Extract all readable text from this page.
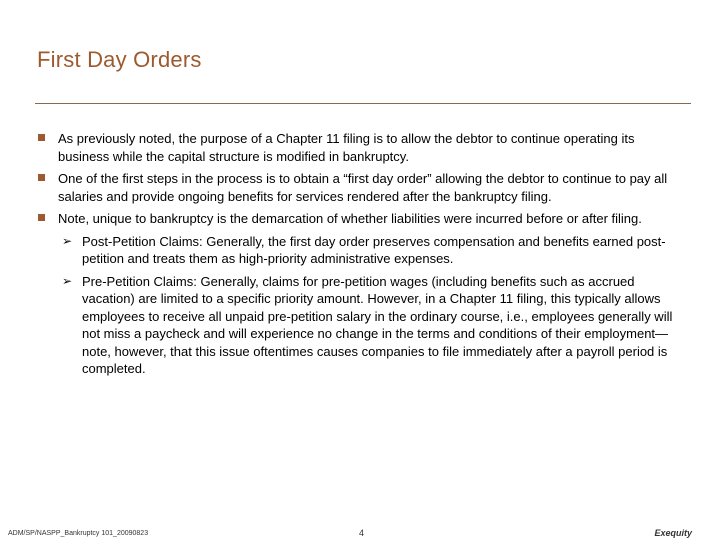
First Day Orders
As previously noted, the purpose of a Chapter 11 filing is to allow the debtor to continue operating its business while the capital structure is modified in bankruptcy.
One of the first steps in the process is to obtain a “first day order” allowing the debtor to continue to pay all salaries and provide ongoing benefits for services rendered after the bankruptcy filing.
Note, unique to bankruptcy is the demarcation of whether liabilities were incurred before or after filing.
➢ Post-Petition Claims: Generally, the first day order preserves compensation and benefits earned post-petition and treats them as high-priority administrative expenses.
➢ Pre-Petition Claims: Generally, claims for pre-petition wages (including benefits such as accrued vacation) are limited to a specific priority amount. However, in a Chapter 11 filing, this typically allows employees to receive all unpaid pre-petition salary in the ordinary course, i.e., employees generally will not miss a paycheck and will experience no change in the terms and conditions of their employment—note, however, that this issue oftentimes causes companies to file immediately after a payroll period is completed.
ADM/SP/NASPP_Bankruptcy 101_20090823	4	Exequity
